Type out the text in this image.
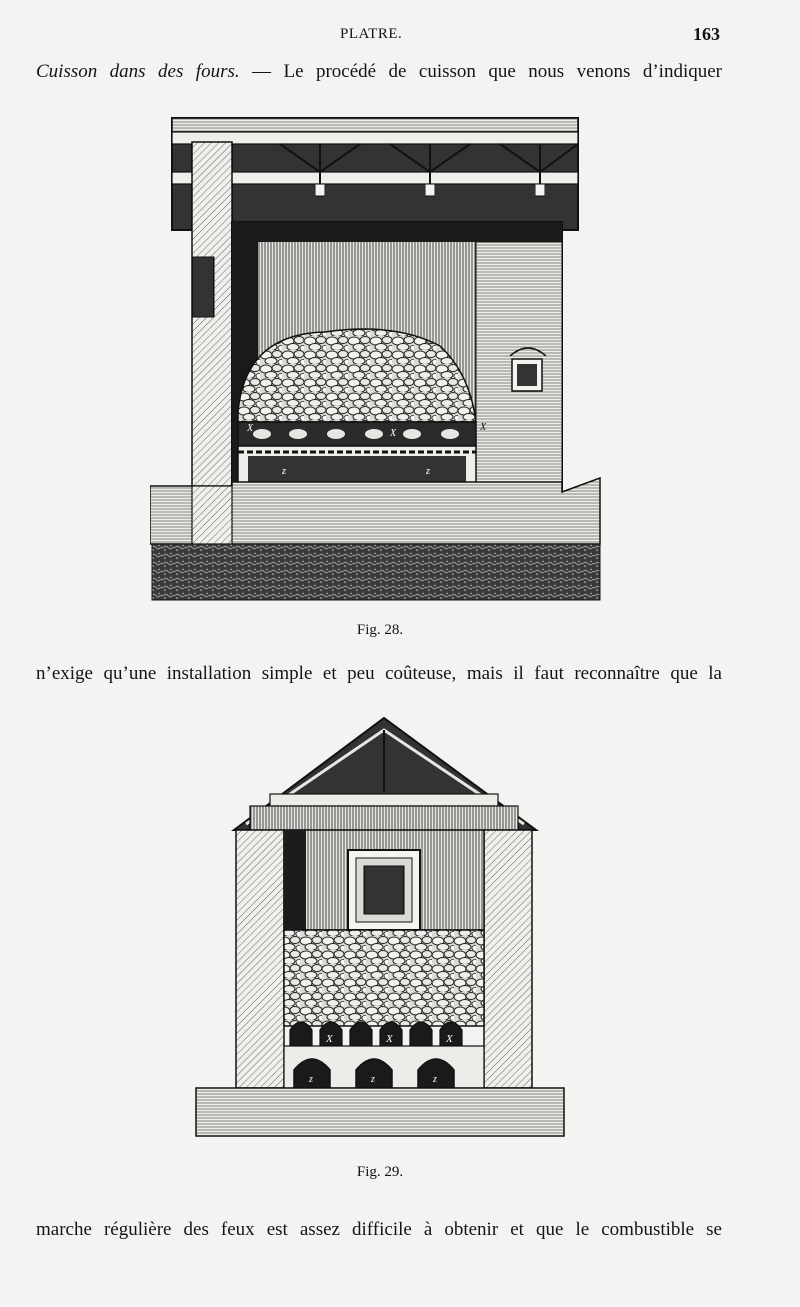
PLATRE.	163
Cuisson dans des fours. — Le procédé de cuisson que nous venons d’indiquer
X	X
X
z	z
Fig. 28.
n’exige qu’une installation simple et peu coûteuse, mais il faut reconnaître que la
X	X	X
z	z	z
Fig. 29.
marche régulière des feux est assez difficile à obtenir et que le combustible se
